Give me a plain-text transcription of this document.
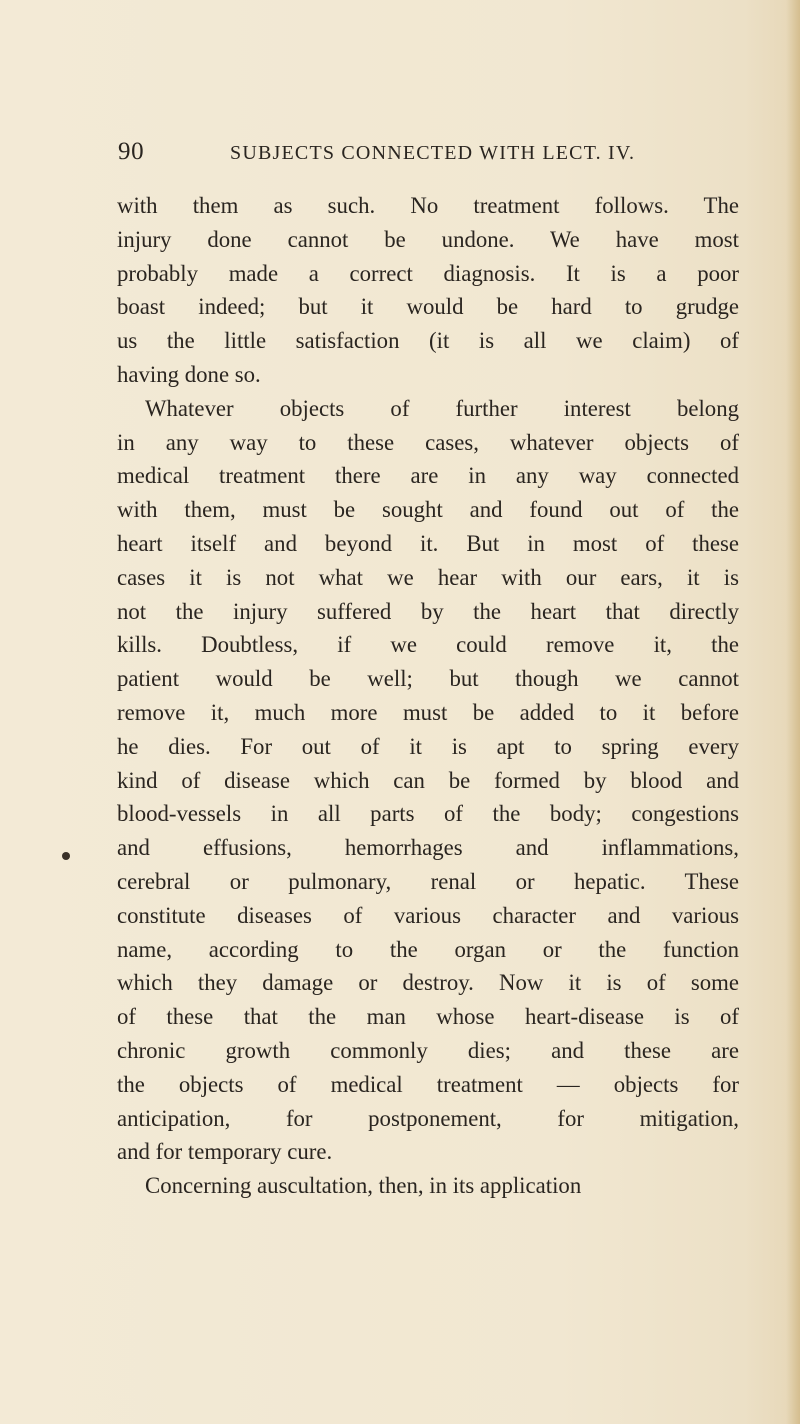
90	SUBJECTS CONNECTED WITH LECT. IV.
with them as such. No treatment follows. The
injury done cannot be undone. We have most
probably made a correct diagnosis. It is a poor
boast indeed; but it would be hard to grudge
us the little satisfaction (it is all we claim) of
having done so.
Whatever objects of further interest belong
in any way to these cases, whatever objects of
medical treatment there are in any way connected
with them, must be sought and found out of the
heart itself and beyond it. But in most of these
cases it is not what we hear with our ears, it is
not the injury suffered by the heart that directly
kills. Doubtless, if we could remove it, the
patient would be well; but though we cannot
remove it, much more must be added to it before
he dies. For out of it is apt to spring every
kind of disease which can be formed by blood and
blood-vessels in all parts of the body; congestions
and effusions, hemorrhages and inflammations,
cerebral or pulmonary, renal or hepatic. These
constitute diseases of various character and various
name, according to the organ or the function
which they damage or destroy. Now it is of some
of these that the man whose heart-disease is of
chronic growth commonly dies; and these are
the objects of medical treatment — objects for
anticipation, for postponement, for mitigation,
and for temporary cure.
Concerning auscultation, then, in its application
